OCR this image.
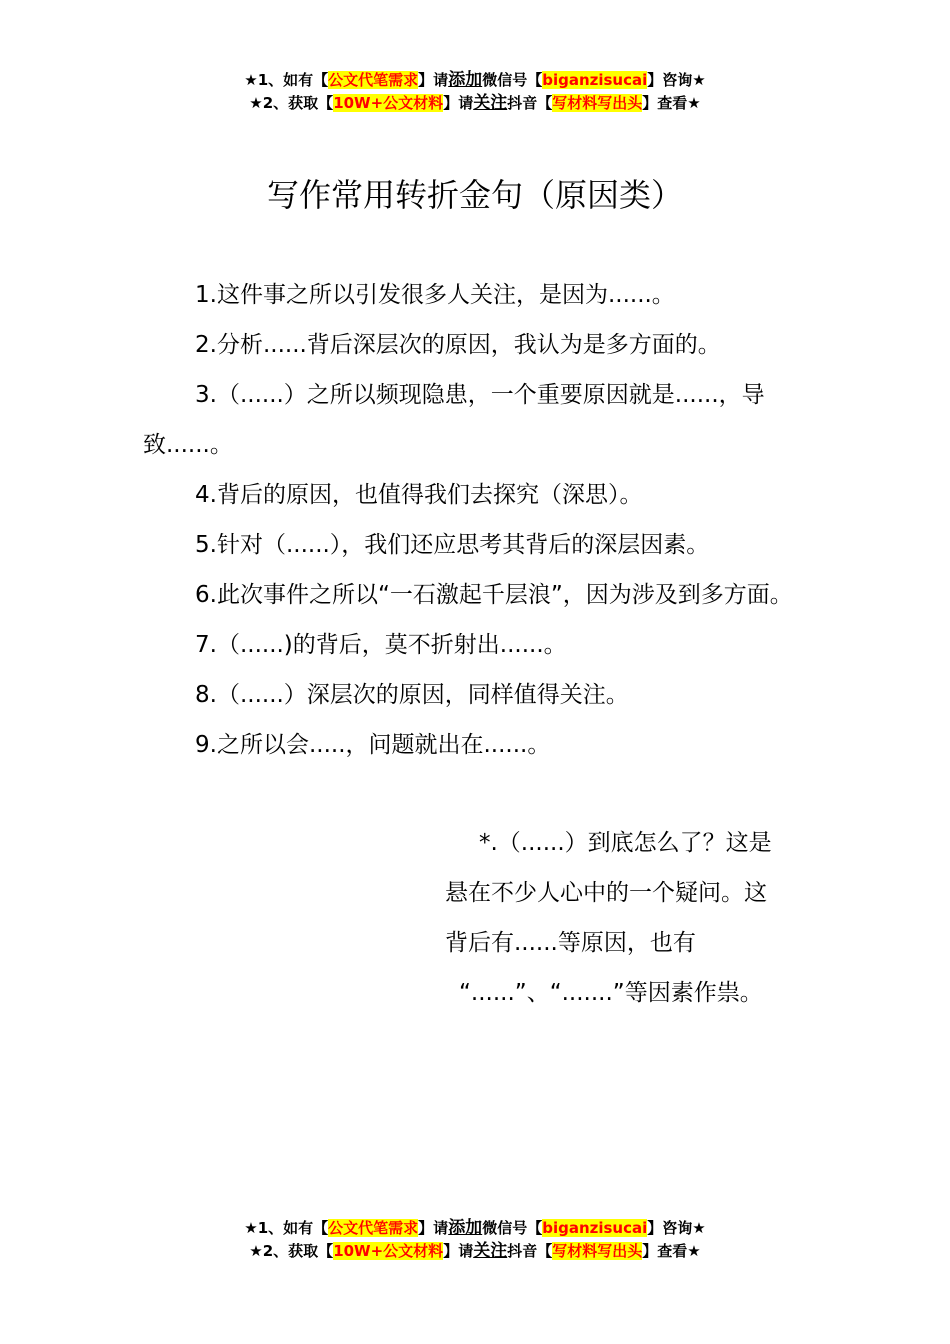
★1、如有【公文代笔需求】请添加微信号【biganzisucai】咨询★
★2、获取【10W+公文材料】请关注抖音【写材料写出头】查看★
写作常用转折金句（原因类）

1.这件事之所以引发很多人关注，是因为......。

2.分析......背后深层次的原因，我认为是多方面的。

3.（......）之所以频现隐患，一个重要原因就是......，导致......。

4.背后的原因，也值得我们去探究（深思）。

5.针对（......），我们还应思考其背后的深层因素。

6.此次事件之所以“一石激起千层浪”，因为涉及到多方面。

7.（......)的背后，莫不折射出......。

8.（......）深层次的原因，同样值得关注。

9.之所以会.....，问题就出在......。

*.（......）到底怎么了？这是
悬在不少人心中的一个疑问。这
背后有......等原因，也有
“......”、“.......”等因素作祟。
★1、如有【公文代笔需求】请添加微信号【biganzisucai】咨询★
★2、获取【10W+公文材料】请关注抖音【写材料写出头】查看★
